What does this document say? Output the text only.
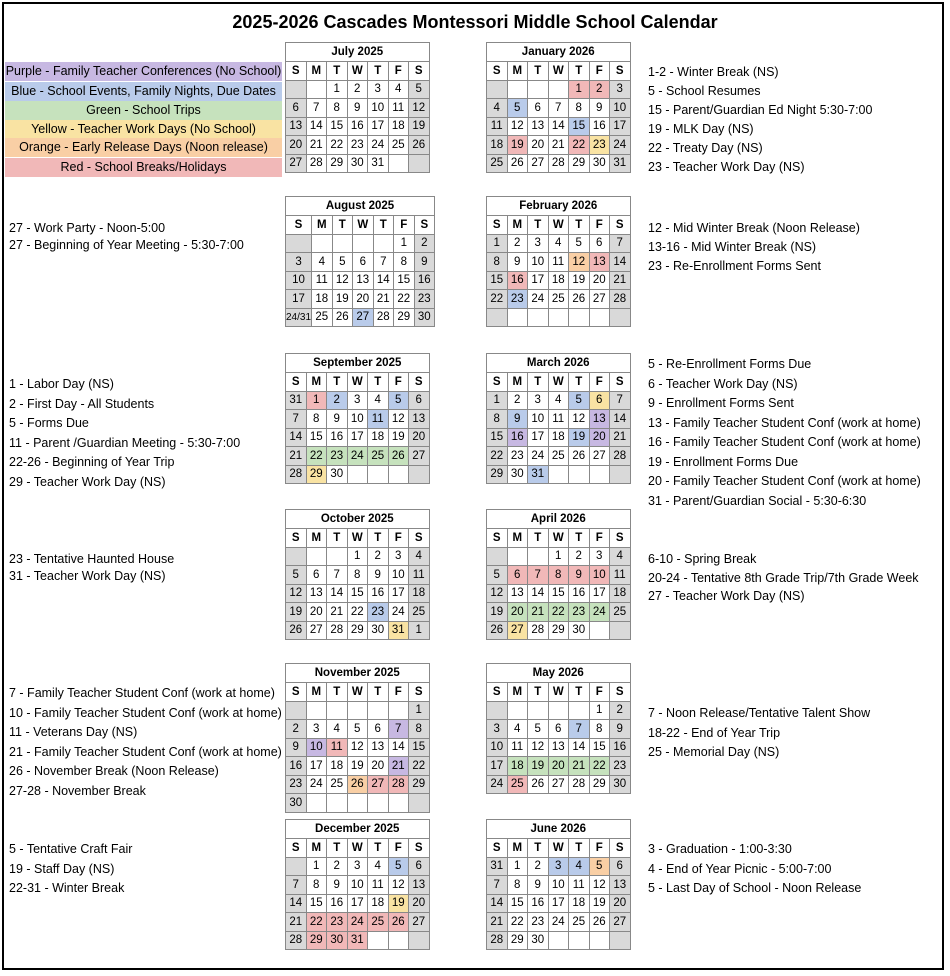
2025-2026 Cascades Montessori Middle School Calendar
Purple - Family Teacher Conferences (No School)
Blue - School Events, Family Nights, Due Dates
Green - School Trips
Yellow - Teacher Work Days (No School)
Orange - Early Release Days (Noon release)
Red - School Breaks/Holidays
July 2025						
S	M	T	W	T	F	S
		1	2	3	4	5
6	7	8	9	10	11	12
13	14	15	16	17	18	19
20	21	22	23	24	25	26
27	28	29	30	31		
January 2026						
S	M	T	W	T	F	S
				1	2	3
4	5	6	7	8	9	10
11	12	13	14	15	16	17
18	19	20	21	22	23	24
25	26	27	28	29	30	31
August 2025						
S	M	T	W	T	F	S
					1	2
3	4	5	6	7	8	9
10	11	12	13	14	15	16
17	18	19	20	21	22	23
24/31	25	26	27	28	29	30
February 2026						
S	M	T	W	T	F	S
1	2	3	4	5	6	7
8	9	10	11	12	13	14
15	16	17	18	19	20	21
22	23	24	25	26	27	28

September 2025						
S	M	T	W	T	F	S
31	1	2	3	4	5	6
7	8	9	10	11	12	13
14	15	16	17	18	19	20
21	22	23	24	25	26	27
28	29	30				
March 2026						
S	M	T	W	T	F	S
1	2	3	4	5	6	7
8	9	10	11	12	13	14
15	16	17	18	19	20	21
22	23	24	25	26	27	28
29	30	31				
October 2025						
S	M	T	W	T	F	S
			1	2	3	4
5	6	7	8	9	10	11
12	13	14	15	16	17	18
19	20	21	22	23	24	25
26	27	28	29	30	31	1
April 2026						
S	M	T	W	T	F	S
			1	2	3	4
5	6	7	8	9	10	11
12	13	14	15	16	17	18
19	20	21	22	23	24	25
26	27	28	29	30		
November 2025						
S	M	T	W	T	F	S
						1
2	3	4	5	6	7	8
9	10	11	12	13	14	15
16	17	18	19	20	21	22
23	24	25	26	27	28	29
30						
May 2026						
S	M	T	W	T	F	S
					1	2
3	4	5	6	7	8	9
10	11	12	13	14	15	16
17	18	19	20	21	22	23
24	25	26	27	28	29	30
December 2025						
S	M	T	W	T	F	S
	1	2	3	4	5	6
7	8	9	10	11	12	13
14	15	16	17	18	19	20
21	22	23	24	25	26	27
28	29	30	31			
June 2026						
S	M	T	W	T	F	S
31	1	2	3	4	5	6
7	8	9	10	11	12	13
14	15	16	17	18	19	20
21	22	23	24	25	26	27
28	29	30				
1-2 - Winter Break (NS)
5 - School Resumes
15 - Parent/Guardian Ed Night 5:30-7:00
19 - MLK Day (NS)
22 - Treaty Day (NS)
23 - Teacher Work Day (NS)
27 - Work Party - Noon-5:00
27 - Beginning of Year Meeting - 5:30-7:00
12 - Mid Winter Break (Noon Release)
13-16 - Mid Winter Break (NS)
23 - Re-Enrollment Forms Sent
1 - Labor Day (NS)
2 - First Day - All Students
5 - Forms Due
11 - Parent /Guardian Meeting - 5:30-7:00
22-26 - Beginning of Year Trip
29 - Teacher Work Day (NS)
5 - Re-Enrollment Forms Due
6 - Teacher Work Day (NS)
9 - Enrollment Forms Sent
13 - Family Teacher Student Conf (work at home)
16 - Family Teacher Student Conf (work at home)
19 - Enrollment Forms Due
20 - Family Teacher Student Conf (work at home)
31 - Parent/Guardian Social - 5:30-6:30
23 - Tentative Haunted House
31 - Teacher Work Day (NS)
6-10 - Spring Break
20-24 - Tentative 8th Grade Trip/7th Grade Week
27 - Teacher Work Day (NS)
7 - Family Teacher Student Conf (work at home)
10 - Family Teacher Student Conf (work at home)
11 - Veterans Day (NS)
21 - Family Teacher Student Conf (work at home)
26 - November Break (Noon Release)
27-28 - November Break
7 - Noon Release/Tentative Talent Show
18-22 - End of Year Trip
25 - Memorial Day (NS)
5 - Tentative Craft Fair
19 - Staff Day (NS)
22-31 - Winter Break
3 - Graduation - 1:00-3:30
4 - End of Year Picnic - 5:00-7:00
5 - Last Day of School - Noon Release
